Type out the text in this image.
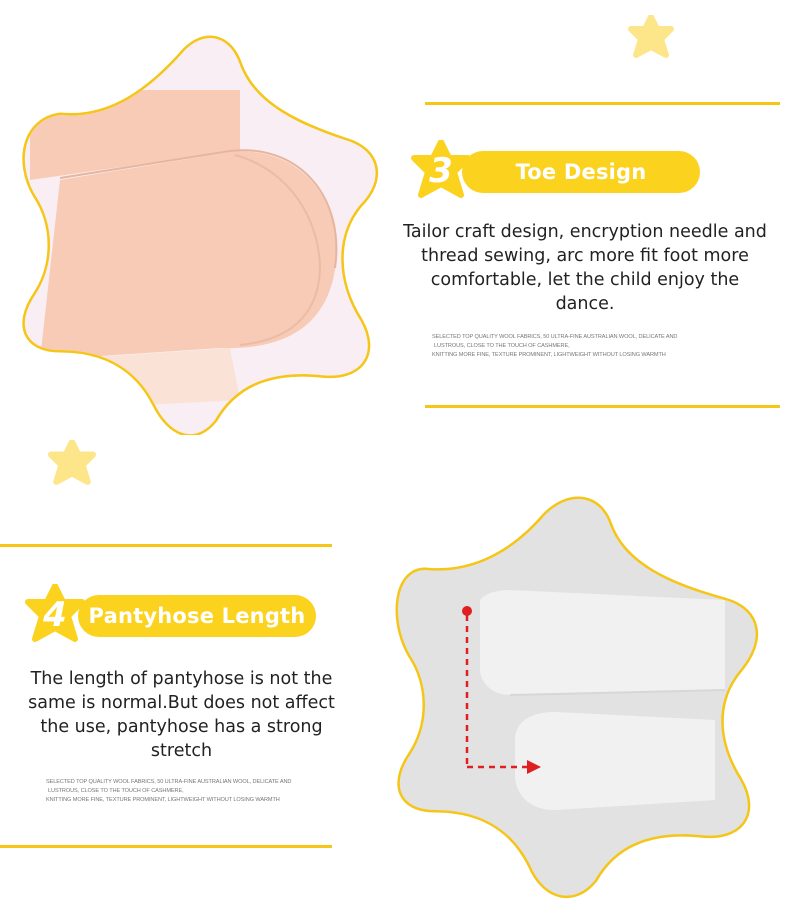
3	Toe Design
Tailor craft design, encryption needle and thread sewing, arc more fit foot more comfortable, let the child enjoy the dance.
SELECTED TOP QUALITY WOOL FABRICS, 50 ULTRA-FINE AUSTRALIAN WOOL, DELICATE AND
LUSTROUS, CLOSE TO THE TOUCH OF CASHMERE,
KNITTING MORE FINE, TEXTURE PROMINENT, LIGHTWEIGHT WITHOUT LOSING WARMTH
4	Pantyhose Length
The length of pantyhose is not the same is normal.But does not affect the use, pantyhose has a strong stretch
SELECTED TOP QUALITY WOOL FABRICS, 50 ULTRA-FINE AUSTRALIAN WOOL, DELICATE AND
LUSTROUS, CLOSE TO THE TOUCH OF CASHMERE,
KNITTING MORE FINE, TEXTURE PROMINENT, LIGHTWEIGHT WITHOUT LOSING WARMTH
